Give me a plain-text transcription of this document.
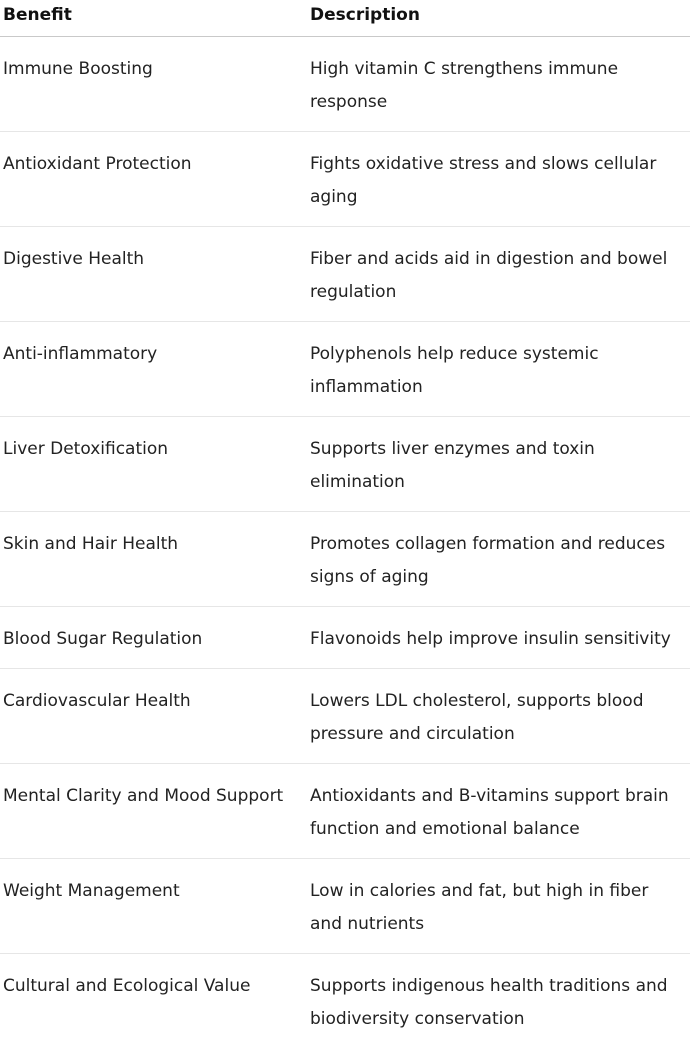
Benefit	Description
Immune Boosting	High vitamin C strengthens immune response
Antioxidant Protection	Fights oxidative stress and slows cellular aging
Digestive Health	Fiber and acids aid in digestion and bowel regulation
Anti-inflammatory	Polyphenols help reduce systemic inflammation
Liver Detoxification	Supports liver enzymes and toxin elimination
Skin and Hair Health	Promotes collagen formation and reduces signs of aging
Blood Sugar Regulation	Flavonoids help improve insulin sensitivity
Cardiovascular Health	Lowers LDL cholesterol, supports blood pressure and circulation
Mental Clarity and Mood Support	Antioxidants and B-vitamins support brain function and emotional balance
Weight Management	Low in calories and fat, but high in fiber and nutrients
Cultural and Ecological Value	Supports indigenous health traditions and biodiversity conservation
